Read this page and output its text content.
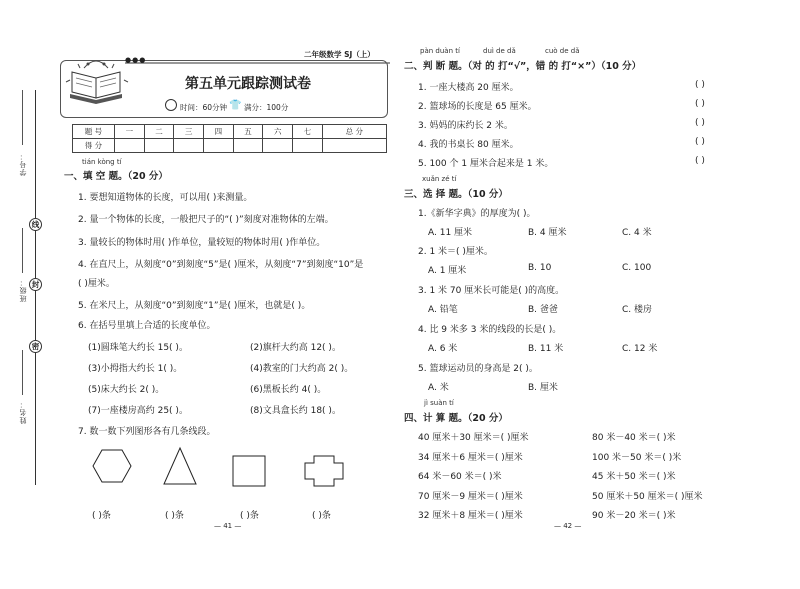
学号：
班级：
姓名：
线
封
密
二年级数学 SJ（上）
●●●
第五单元跟踪测试卷
时间：60分钟 👕 满分：100分
题 号	一	二	三	四	五	六	七	总 分
得 分								
tián kòng tí
一、填 空 题。（20 分）
1. 要想知道物体的长度，可以用( )来测量。
2. 量一个物体的长度，一般把尺子的“( )”刻度对准物体的左端。
3. 量较长的物体时用( )作单位，量较短的物体时用( )作单位。
4. 在直尺上，从刻度“0”到刻度“5”是( )厘米，从刻度“7”到刻度“10”是
( )厘米。
5. 在米尺上，从刻度“0”到刻度“1”是( )厘米，也就是( )。
6. 在括号里填上合适的长度单位。
(1)圆珠笔大约长 15( )。	(2)旗杆大约高 12( )。
(3)小拇指大约长 1( )。	(4)教室的门大约高 2( )。
(5)床大约长 2( )。	(6)黑板长约 4( )。
(7)一座楼房高约 25( )。	(8)文具盒长约 18( )。
7. 数一数下列图形各有几条线段。
( )条	( )条	( )条	( )条
— 41 —
pàn duàn tí	duì de dǎ	cuò de dǎ
二、判 断 题。（对 的 打“√”，错 的 打“×”）（10 分）
1. 一座大楼高 20 厘米。	( )
2. 篮球场的长度是 65 厘米。	( )
3. 妈妈的床约长 2 米。	( )
4. 我的书桌长 80 厘米。	( )
5. 100 个 1 厘米合起来是 1 米。	( )
xuǎn zé tí
三、选 择 题。（10 分）
1.《新华字典》的厚度为( )。
A. 11 厘米	B. 4 厘米	C. 4 米
2. 1 米＝( )厘米。
A. 1 厘米	B. 10	C. 100
3. 1 米 70 厘米长可能是( )的高度。
A. 铅笔	B. 爸爸	C. 楼房
4. 比 9 米多 3 米的线段的长是( )。
A. 6 米	B. 11 米	C. 12 米
5. 篮球运动员的身高是 2( )。
A. 米	B. 厘米
jì suàn tí
四、计 算 题。（20 分）
40 厘米＋30 厘米＝( )厘米	80 米－40 米＝( )米
34 厘米＋6 厘米＝( )厘米	100 米－50 米＝( )米
64 米－60 米＝( )米	45 米＋50 米＝( )米
70 厘米－9 厘米＝( )厘米	50 厘米＋50 厘米＝( )厘米
32 厘米＋8 厘米＝( )厘米	90 米－20 米＝( )米
— 42 —
